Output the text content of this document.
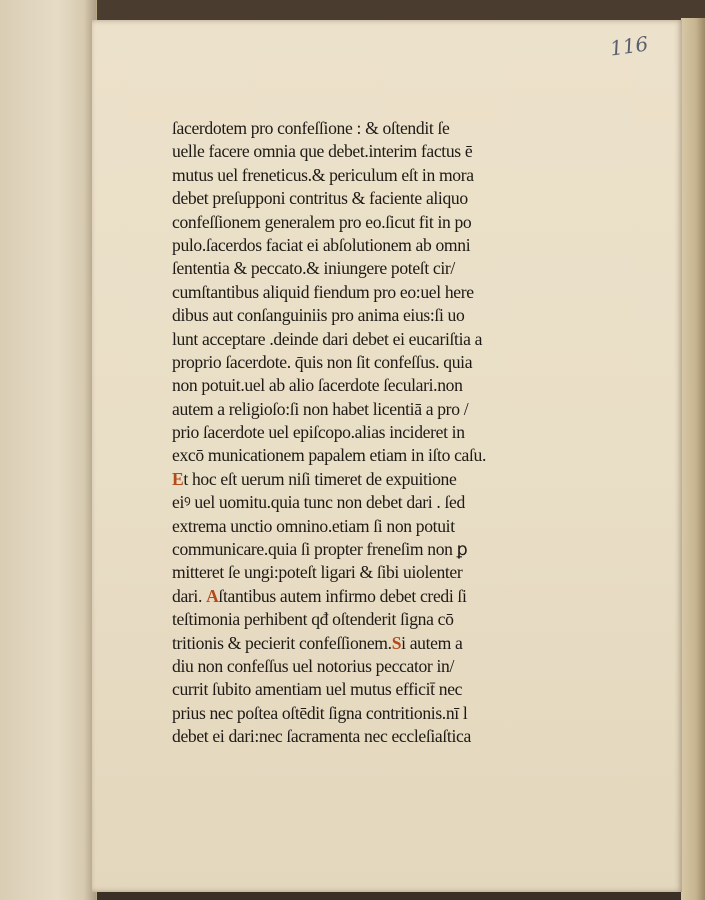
116
ſacerdotem pro confeſſione : & oſtendit ſe
uelle facere omnia que debet.interim factus ē
mutus uel freneticus.& periculum eſt in mora
debet preſupponi contritus & faciente aliquo
confeſſionem generalem pro eo.ſicut fit in po
pulo.ſacerdos faciat ei abſolutionem ab omni
ſententia & peccato.& iniungere poteſt cir/
cumſtantibus aliquid fiendum pro eo:uel here
dibus aut conſanguiniis pro anima eius:ſi uo
lunt acceptare .deinde dari debet ei eucariſtia a
proprio ſacerdote. q̄uis non ſit confeſſus. quia
non potuit.uel ab alio ſacerdote ſeculari.non
autem a religioſo:ſi non habet licentiā a pro /
prio ſacerdote uel epiſcopo.alias incideret in
excō municationem papalem etiam in iſto caſu.
Et hoc eſt uerum niſi timeret de expuitione
eiꝰ uel uomitu.quia tunc non debet dari . ſed
extrema unctio omnino.etiam ſi non potuit
communicare.quia ſi propter freneſim non ꝑ
mitteret ſe ungi:poteſt ligari & ſibi uiolenter
dari. Aſtantibus autem infirmo debet credi ſi
teſtimonia perhibent qđ oſtenderit ſigna cō
tritionis & pecierit confeſſionem.Si autem a
diu non confeſſus uel notorius peccator in/
currit ſubito amentiam uel mutus efficit̄ nec
prius nec poſtea oſtēdit ſigna contritionis.nī l
debet ei dari:nec ſacramenta nec eccleſiaſtica
